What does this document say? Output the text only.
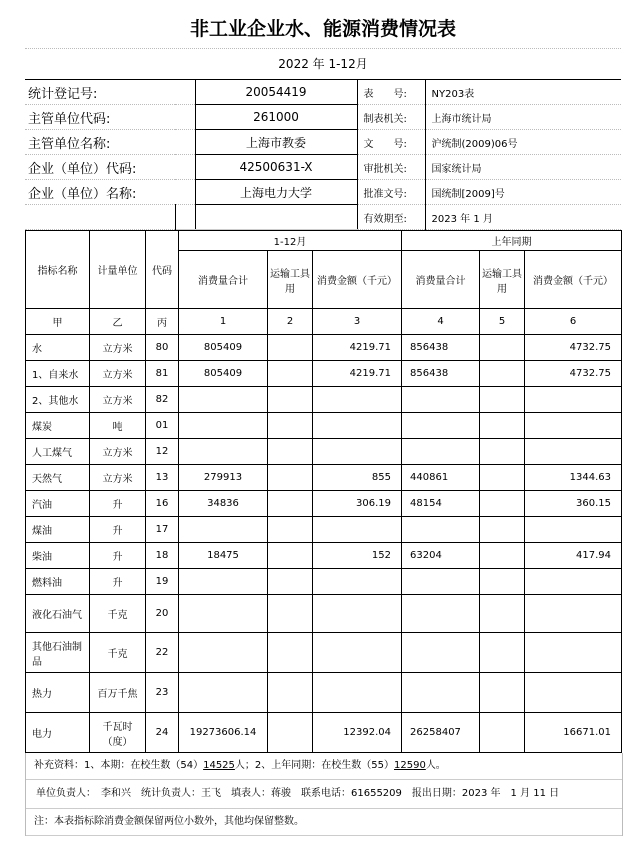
非工业企业水、能源消费情况表
2022 年 1-12月
统计登记号:		20054419	表　　号:	NY203表
主管单位代码:		261000	制表机关:	上海市统计局
主管单位名称:		上海市教委	文　　号:	沪统制(2009)06号
企业（单位）代码:		42500631-X	审批机关:	国家统计局
企业（单位）名称:		上海电力大学	批准文号:	国统制[2009]号
			有效期至:	2023 年 1 月
指标名称	计量单位	代码	1-12月			上年同期		
			消费量合计	运输工具用	消费金额（千元）	消费量合计	运输工具用	消费金额（千元）
甲	乙	丙	1	2	3	4	5	6
水	立方米	80	805409		4219.71	856438		4732.75
1、自来水	立方米	81	805409		4219.71	856438		4732.75
2、其他水	立方米	82						
煤炭	吨	01						
人工煤气	立方米	12						
天然气	立方米	13	279913		855	440861		1344.63
汽油	升	16	34836		306.19	48154		360.15
煤油	升	17						
柴油	升	18	18475		152	63204		417.94
燃料油	升	19						
液化石油气	千克	20						
其他石油制品	千克	22						
热力	百万千焦	23						
电力	千瓦时（度）	24	19273606.14		12392.04	26258407		16671.01
补充资料：1、本期：在校生数（54）14525人；2、上年同期：在校生数（55）12590人。
单位负责人：　李和兴　统计负责人：王飞　填表人：蒋骏　联系电话：61655209　报出日期：2023 年　1 月 11 日
注：本表指标除消费金额保留两位小数外，其他均保留整数。
